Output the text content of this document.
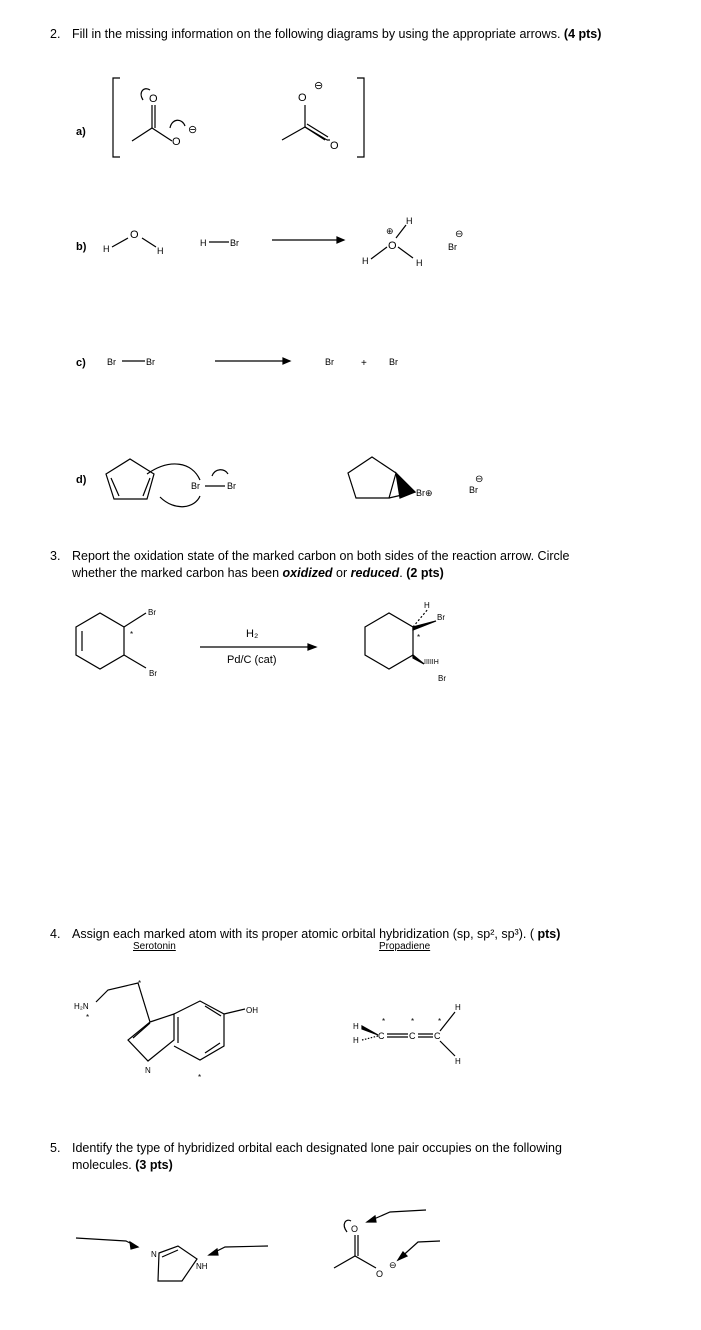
2. Fill in the missing information on the following diagrams by using the appropriate arrows. (4 pts)
a)
b)
c)
d)
O
O
⊖
O
⊖
O
H
O
H
H	Br
H
O
⊕
H
H
Br
⊖
Br	Br	Br	+ Br
Br	Br
Br⊕	Br
⊖
Br
Br
*
H
Br
*
IIIIIH
Br
H₂N
*
*
OH
N
*
H
H C	C C
H
H
*	*	*
N
NH
O
O
⊖
3. Report the oxidation state of the marked carbon on both sides of the reaction arrow. Circle
whether the marked carbon has been oxidized or reduced. (2 pts)
H₂
Pd/C (cat)
4. Assign each marked atom with its proper atomic orbital hybridization (sp, sp², sp³). ( pts)
Serotonin	Propadiene
5. Identify the type of hybridized orbital each designated lone pair occupies on the following
molecules. (3 pts)
